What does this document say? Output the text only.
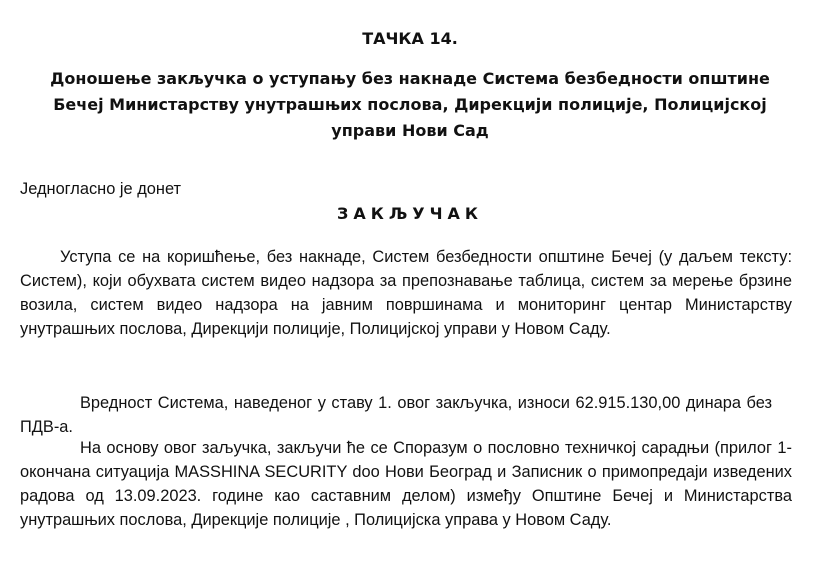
ТАЧКА 14.
Доношење закључка о уступању без накнаде Система безбедности општине Бечеј Министарству унутрашњих послова, Дирекцији полиције, Полицијској управи Нови Сад
Једногласно је донет
ЗАКЉУЧАК
Уступа се на коришћење, без накнаде, Систем безбедности општине Бечеј (у даљем тексту: Систем), који обухвата систем видео надзора за препознавање таблица, систем за мерење брзине возила, систем видео надзора на јавним површинама и мониторинг центар Министарству унутрашњих послова, Дирекцији полиције, Полицијској управи у Новом Саду.
Вредност Система, наведеног у ставу 1. овог закључка, износи 62.915.130,00 динара без ПДВ-а.
На основу овог зaључка, закључи ће се Споразум о пословно техничкој сарадњи (прилог 1- окончана ситуација MASSHINA SECURITY doo Нови Београд и Записник о примопредаји изведених радова од 13.09.2023. године као саставним делом) између Општине Бечеј и Министарства унутрашњих послова, Дирекције полиције , Полицијска управа у Новом Саду.
